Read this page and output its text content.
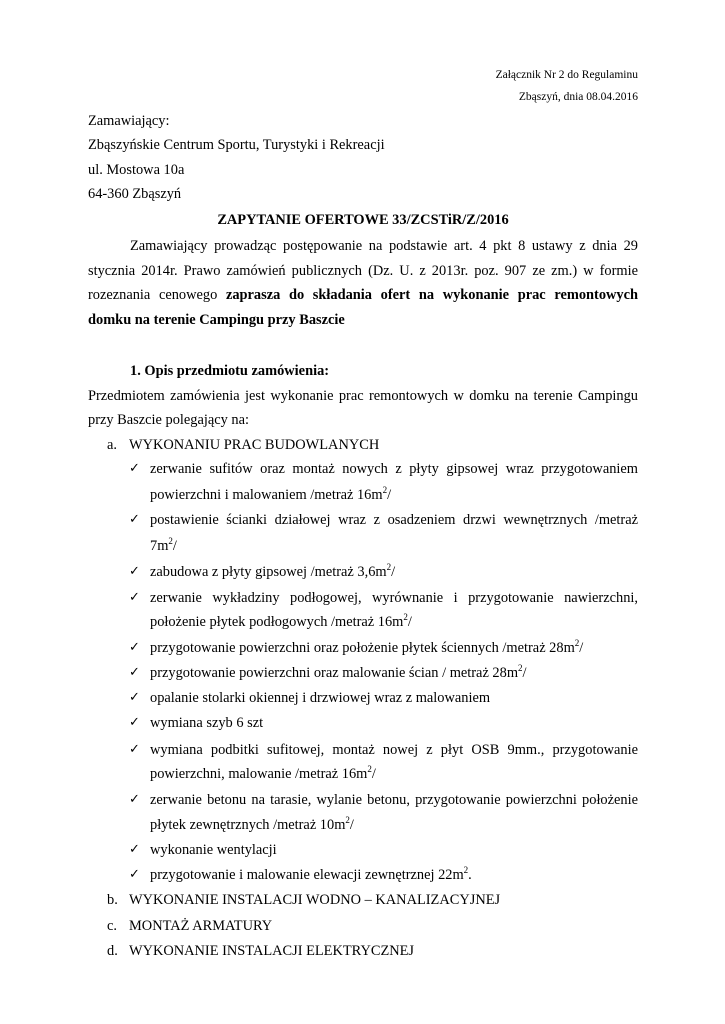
Załącznik Nr 2 do Regulaminu
Zbąszyń, dnia 08.04.2016
Zamawiający:
Zbąszyńskie Centrum Sportu, Turystyki i Rekreacji
ul. Mostowa 10a
64-360 Zbąszyń
ZAPYTANIE OFERTOWE 33/ZCSTiR/Z/2016
Zamawiający prowadząc postępowanie na podstawie art. 4 pkt 8 ustawy z dnia 29
stycznia 2014r. Prawo zamówień publicznych (Dz. U. z 2013r. poz. 907 ze zm.) w formie
rozeznania cenowego zaprasza do składania ofert na wykonanie prac remontowych
domku na terenie Campingu przy Baszcie
1. Opis przedmiotu zamówienia:
Przedmiotem zamówienia jest wykonanie prac remontowych w domku na terenie Campingu
przy Baszcie polegający na:
a. WYKONANIU PRAC BUDOWLANYCH
✓ zerwanie sufitów oraz montaż nowych z płyty gipsowej wraz przygotowaniem
powierzchni i malowaniem /metraż $16m^2/$
✓ postawienie ścianki działowej wraz z osadzeniem drzwi wewnętrznych /metraż
$7m^2/$
✓ zabudowa z płyty gipsowej /metraż $3,6m^2/$
✓ zerwanie wykładziny podłogowej, wyrównanie i przygotowanie nawierzchni,
położenie płytek podłogowych /metraż $16m^2/$
✓ przygotowanie powierzchni oraz położenie płytek ściennych /metraż $28m^2/$
✓ przygotowanie powierzchni oraz malowanie ścian / metraż $28m^2/$
✓ opalanie stolarki okiennej i drzwiowej wraz z malowaniem
✓ wymiana szyb 6 szt
✓ wymiana podbitki sufitowej, montaż nowej z płyt OSB 9mm., przygotowanie
powierzchni, malowanie /metraż $16m^2/$
✓ zerwanie betonu na tarasie, wylanie betonu, przygotowanie powierzchni położenie
płytek zewnętrznych /metraż $10m^2/$
✓ wykonanie wentylacji
✓ przygotowanie i malowanie elewacji zewnętrznej $22m^2$.
b. WYKONANIE INSTALACJI WODNO – KANALIZACYJNEJ
c. MONTAŻ ARMATURY
d. WYKONANIE INSTALACJI ELEKTRYCZNEJ
